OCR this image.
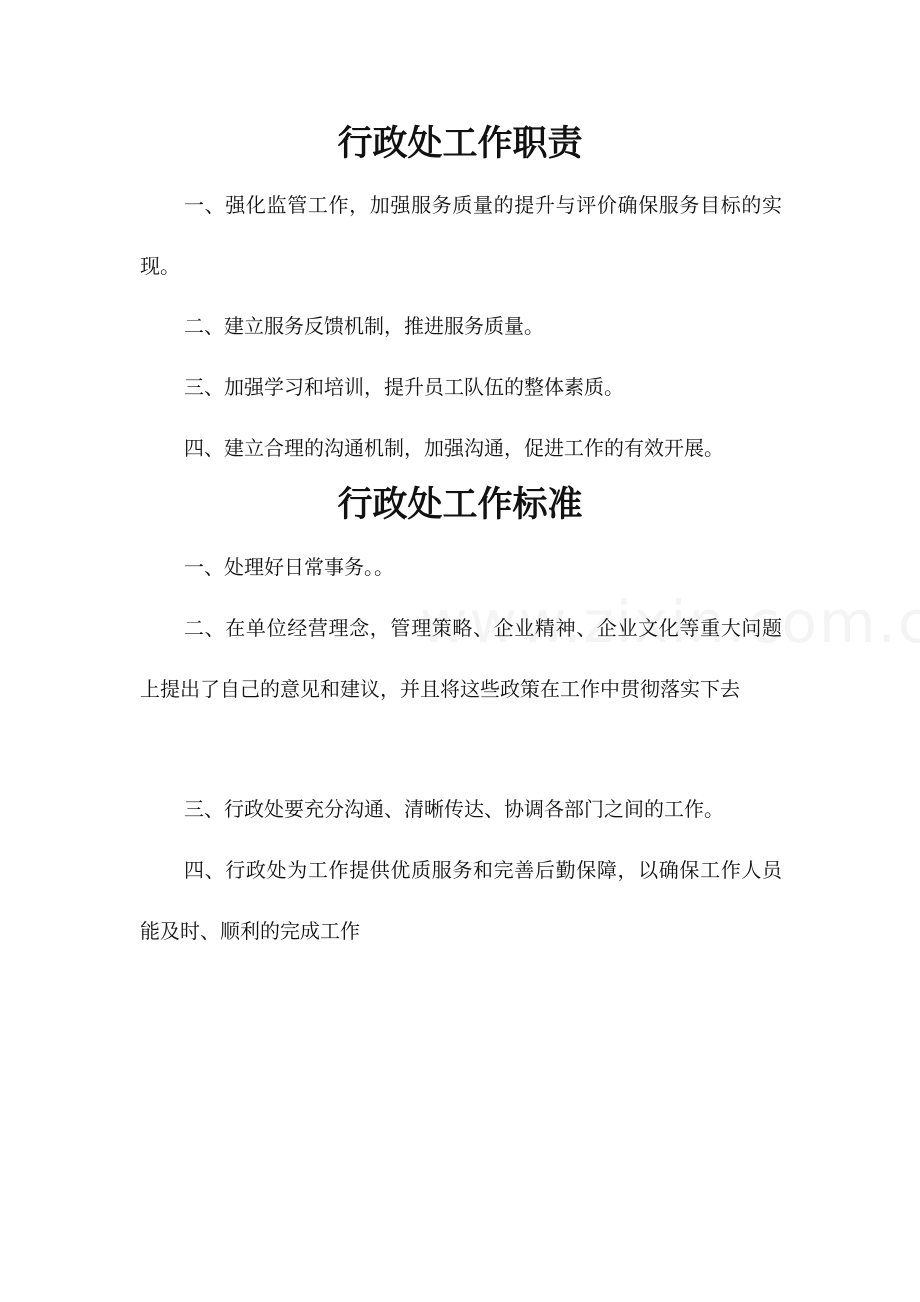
行政处工作职责

一、强化监管工作，加强服务质量的提升与评价确保服务目标的实现。

二、建立服务反馈机制，推进服务质量。

三、加强学习和培训，提升员工队伍的整体素质。

四、建立合理的沟通机制，加强沟通，促进工作的有效开展。

行政处工作标准

一、处理好日常事务。。

二、在单位经营理念，管理策略、企业精神、企业文化等重大问题上提出了自己的意见和建议，并且将这些政策在工作中贯彻落实下去

三、行政处要充分沟通、清晰传达、协调各部门之间的工作。

四、行政处为工作提供优质服务和完善后勤保障，以确保工作人员能及时、顺利的完成工作
